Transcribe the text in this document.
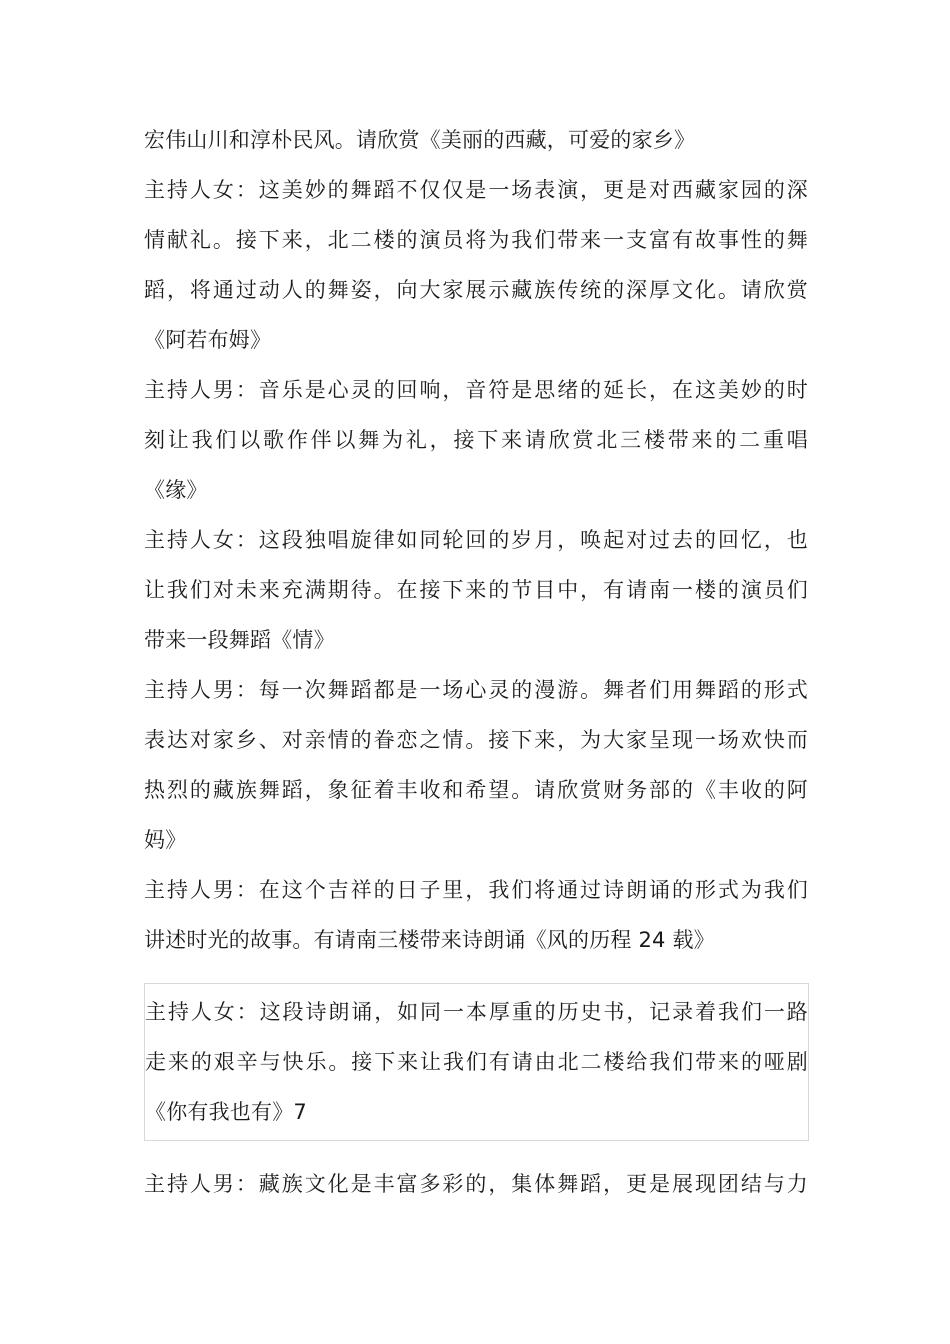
宏伟山川和淳朴民风。请欣赏《美丽的西藏，可爱的家乡》
主持人女：这美妙的舞蹈不仅仅是一场表演，更是对西藏家园的深
情献礼。接下来，北二楼的演员将为我们带来一支富有故事性的舞
蹈，将通过动人的舞姿，向大家展示藏族传统的深厚文化。请欣赏
《阿若布姆》
主持人男：音乐是心灵的回响，音符是思绪的延长，在这美妙的时
刻让我们以歌作伴以舞为礼，接下来请欣赏北三楼带来的二重唱
《缘》
主持人女：这段独唱旋律如同轮回的岁月，唤起对过去的回忆，也
让我们对未来充满期待。在接下来的节目中，有请南一楼的演员们
带来一段舞蹈《情》
主持人男：每一次舞蹈都是一场心灵的漫游。舞者们用舞蹈的形式
表达对家乡、对亲情的眷恋之情。接下来，为大家呈现一场欢快而
热烈的藏族舞蹈，象征着丰收和希望。请欣赏财务部的《丰收的阿
妈》
主持人男：在这个吉祥的日子里，我们将通过诗朗诵的形式为我们
讲述时光的故事。有请南三楼带来诗朗诵《风的历程 24 载》
主持人女：这段诗朗诵，如同一本厚重的历史书，记录着我们一路
走来的艰辛与快乐。接下来让我们有请由北二楼给我们带来的哑剧
《你有我也有》7
主持人男：藏族文化是丰富多彩的，集体舞蹈，更是展现团结与力
